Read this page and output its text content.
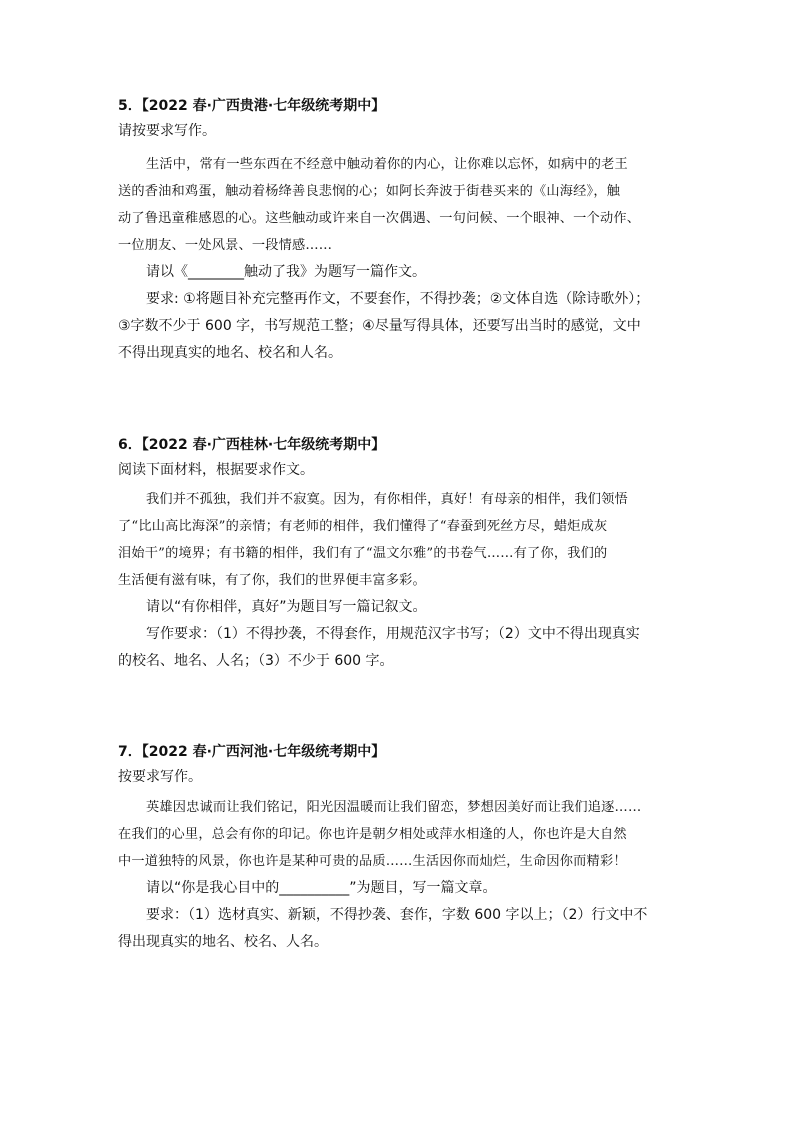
5．【2022 春·广西贵港·七年级统考期中】
请按要求写作。
生活中，常有一些东西在不经意中触动着你的内心，让你难以忘怀，如病中的老王
送的香油和鸡蛋，触动着杨绛善良悲悯的心；如阿长奔波于街巷买来的《山海经》，触
动了鲁迅童稚感恩的心。这些触动或许来自一次偶遇、一句问候、一个眼神、一个动作、
一位朋友、一处风景、一段情感……
请以《________触动了我》为题写一篇作文。
要求: ①将题目补充完整再作文，不要套作，不得抄袭；②文体自选（除诗歌外）；
③字数不少于 600 字，书写规范工整；④尽量写得具体，还要写出当时的感觉，文中
不得出现真实的地名、校名和人名。
6．【2022 春·广西桂林·七年级统考期中】
阅读下面材料，根据要求作文。
我们并不孤独，我们并不寂寞。因为，有你相伴，真好！有母亲的相伴，我们领悟
了“比山高比海深”的亲情；有老师的相伴，我们懂得了“春蚕到死丝方尽，蜡炬成灰
泪始干”的境界；有书籍的相伴，我们有了“温文尔雅”的书卷气……有了你，我们的
生活便有滋有味，有了你，我们的世界便丰富多彩。
请以“有你相伴，真好”为题目写一篇记叙文。
写作要求：（1）不得抄袭，不得套作，用规范汉字书写；（2）文中不得出现真实
的校名、地名、人名；（3）不少于 600 字。
7．【2022 春·广西河池·七年级统考期中】
按要求写作。
英雄因忠诚而让我们铭记，阳光因温暖而让我们留恋，梦想因美好而让我们追逐……
在我们的心里，总会有你的印记。你也许是朝夕相处或萍水相逢的人，你也许是大自然
中一道独特的风景，你也许是某种可贵的品质……生活因你而灿烂，生命因你而精彩！
请以“你是我心目中的__________”为题目，写一篇文章。
要求：（1）选材真实、新颖，不得抄袭、套作，字数 600 字以上；（2）行文中不
得出现真实的地名、校名、人名。
